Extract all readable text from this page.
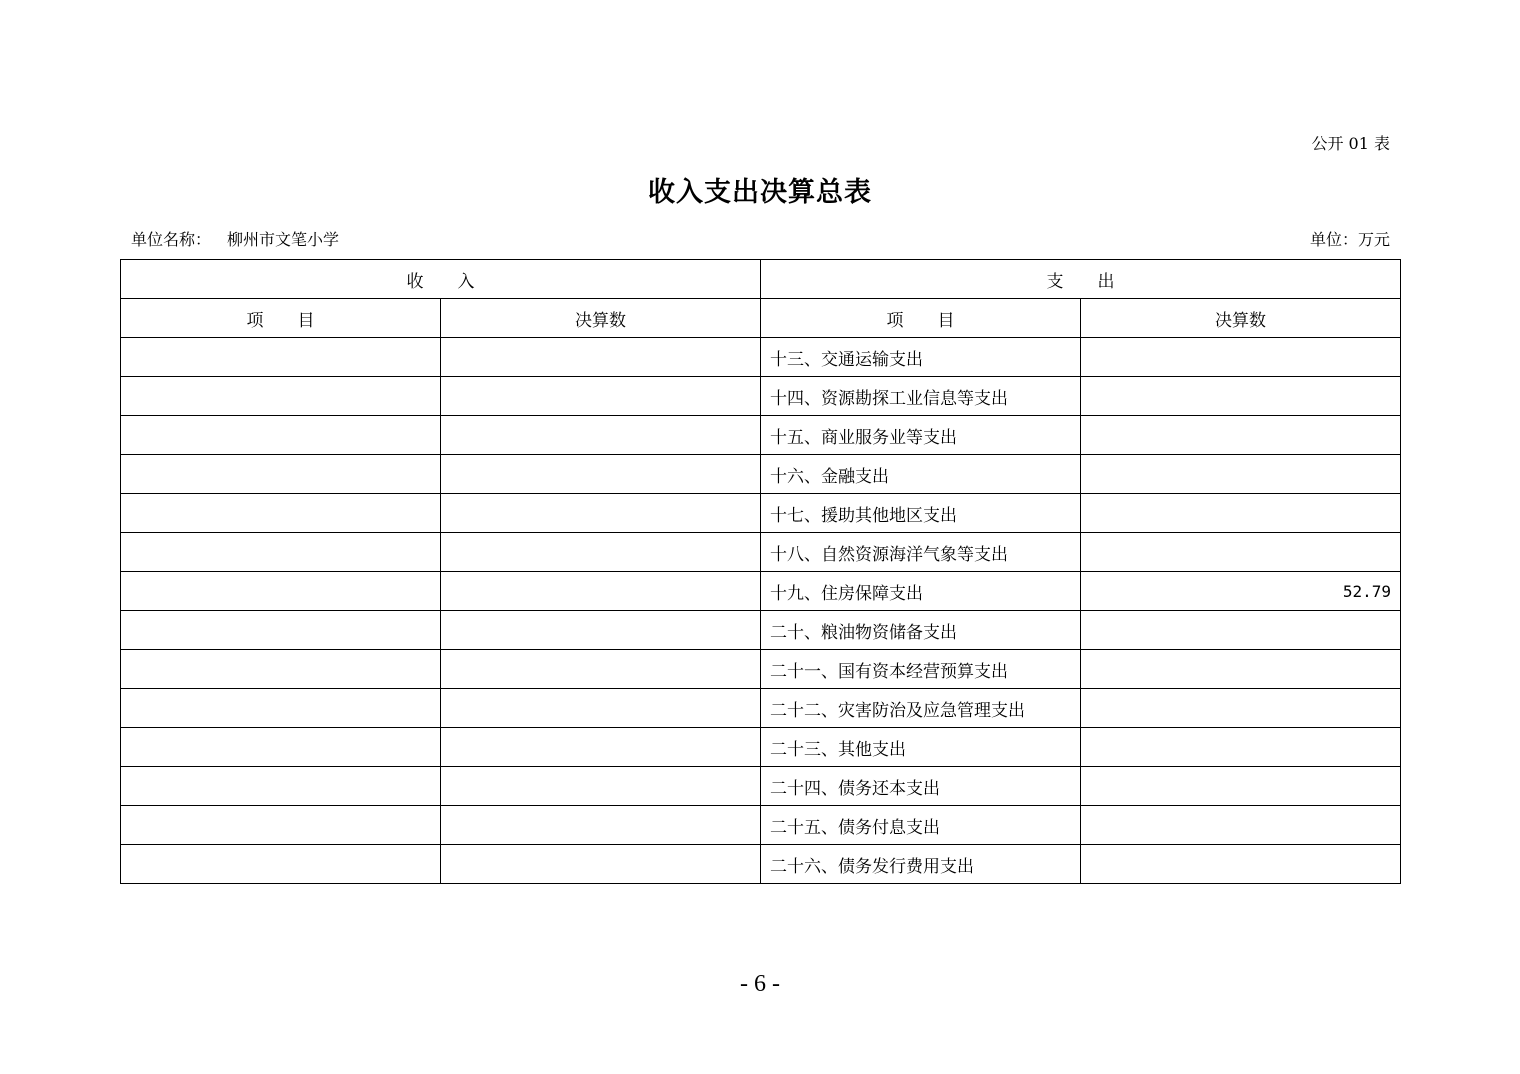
公开 01 表
收入支出决算总表
单位名称： 柳州市文笔小学	单位：万元
收　　入		支　　出	
项　　目	决算数	项　　目	决算数
		十三、交通运输支出	
		十四、资源勘探工业信息等支出	
		十五、商业服务业等支出	
		十六、金融支出	
		十七、援助其他地区支出	
		十八、自然资源海洋气象等支出	
		十九、住房保障支出	52.79
		二十、粮油物资储备支出	
		二十一、国有资本经营预算支出	
		二十二、灾害防治及应急管理支出	
		二十三、其他支出	
		二十四、债务还本支出	
		二十五、债务付息支出	
		二十六、债务发行费用支出	
- 6 -
